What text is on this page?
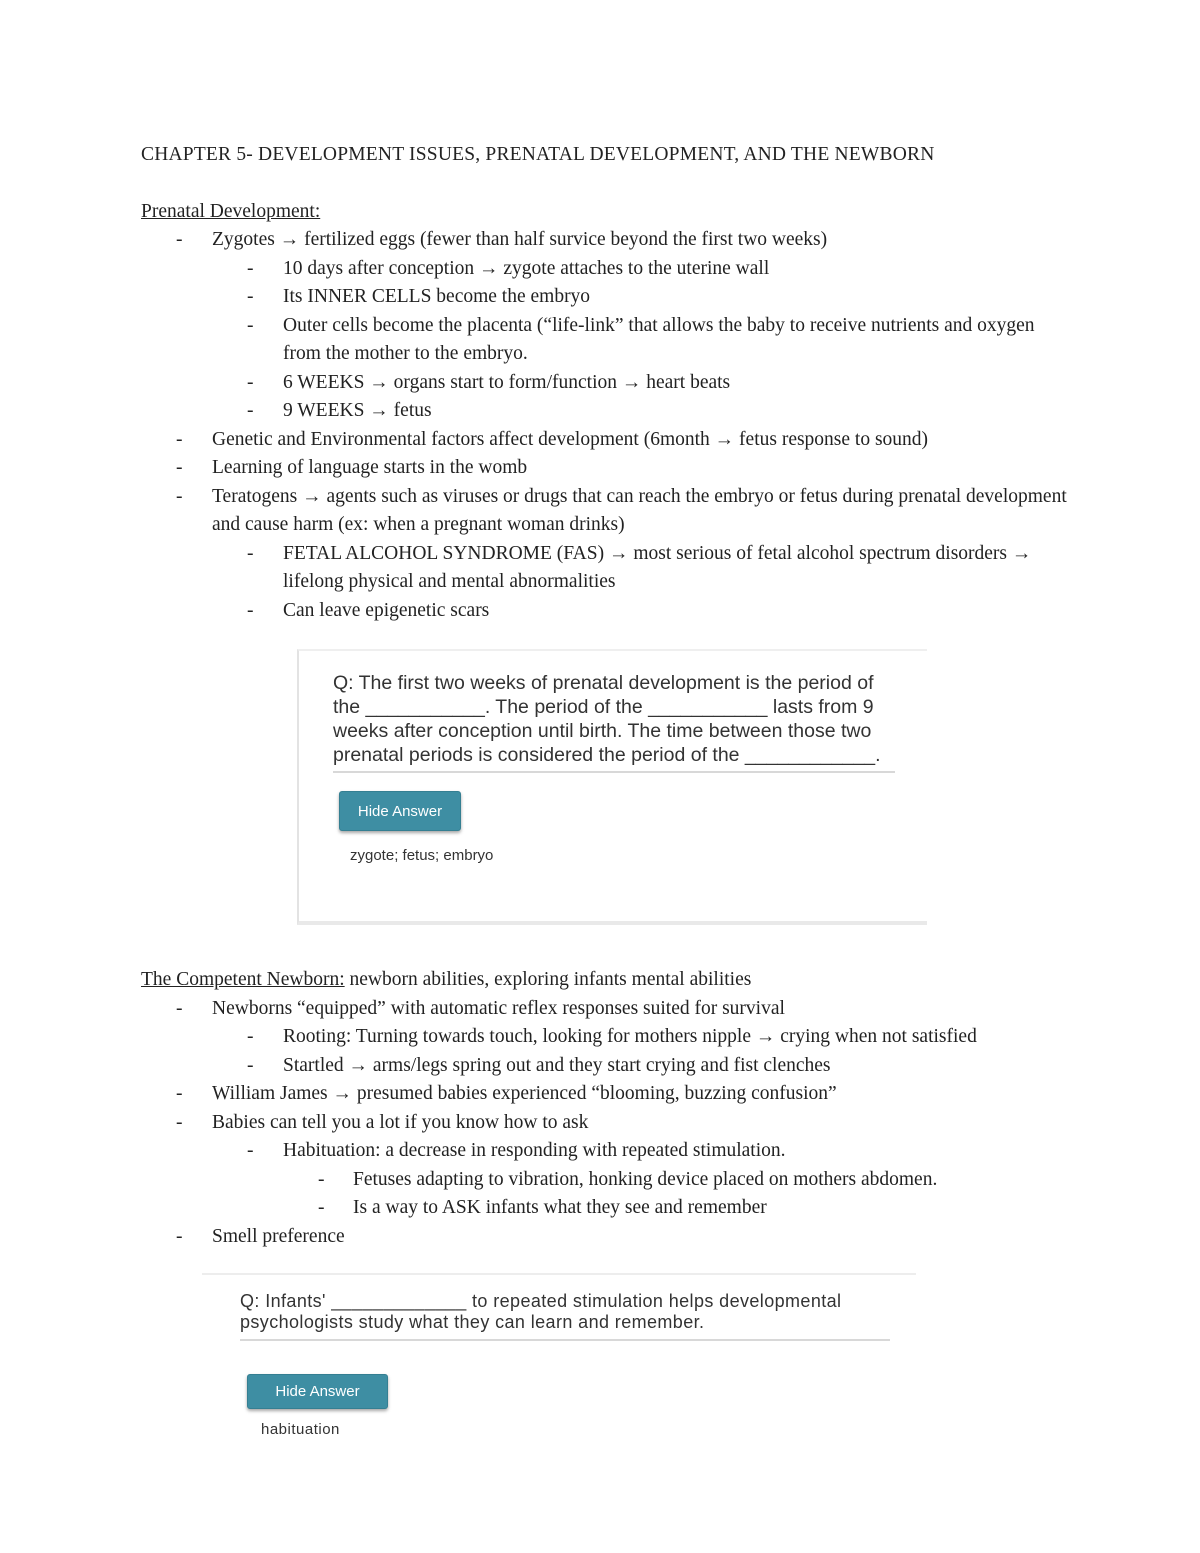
CHAPTER 5- DEVELOPMENT ISSUES, PRENATAL DEVELOPMENT, AND THE NEWBORN
Prenatal Development:
- Zygotes → fertilized eggs (fewer than half survice beyond the first two weeks)
- 10 days after conception → zygote attaches to the uterine wall
- Its INNER CELLS become the embryo
- Outer cells become the placenta (“life-link” that allows the baby to receive nutrients and oxygen from the mother to the embryo.
- 6 WEEKS → organs start to form/function → heart beats
- 9 WEEKS → fetus
- Genetic and Environmental factors affect development (6month → fetus response to sound)
- Learning of language starts in the womb
- Teratogens → agents such as viruses or drugs that can reach the embryo or fetus during prenatal development and cause harm (ex: when a pregnant woman drinks)
- FETAL ALCOHOL SYNDROME (FAS) → most serious of fetal alcohol spectrum disorders → lifelong physical and mental abnormalities
- Can leave epigenetic scars
The Competent Newborn: newborn abilities, exploring infants mental abilities
- Newborns “equipped” with automatic reflex responses suited for survival
- Rooting: Turning towards touch, looking for mothers nipple → crying when not satisfied
- Startled → arms/legs spring out and they start crying and fist clenches
- William James → presumed babies experienced “blooming, buzzing confusion”
- Babies can tell you a lot if you know how to ask
- Habituation: a decrease in responding with repeated stimulation.
- Fetuses adapting to vibration, honking device placed on mothers abdomen.
- Is a way to ASK infants what they see and remember
- Smell preference
Q: The first two weeks of prenatal development is the period of the ___________. The period of the ___________ lasts from 9 weeks after conception until birth. The time between those two prenatal periods is considered the period of the ____________.
Hide Answer
zygote; fetus; embryo
Q: Infants' _____________ to repeated stimulation helps developmental psychologists study what they can learn and remember.
Hide Answer
habituation
